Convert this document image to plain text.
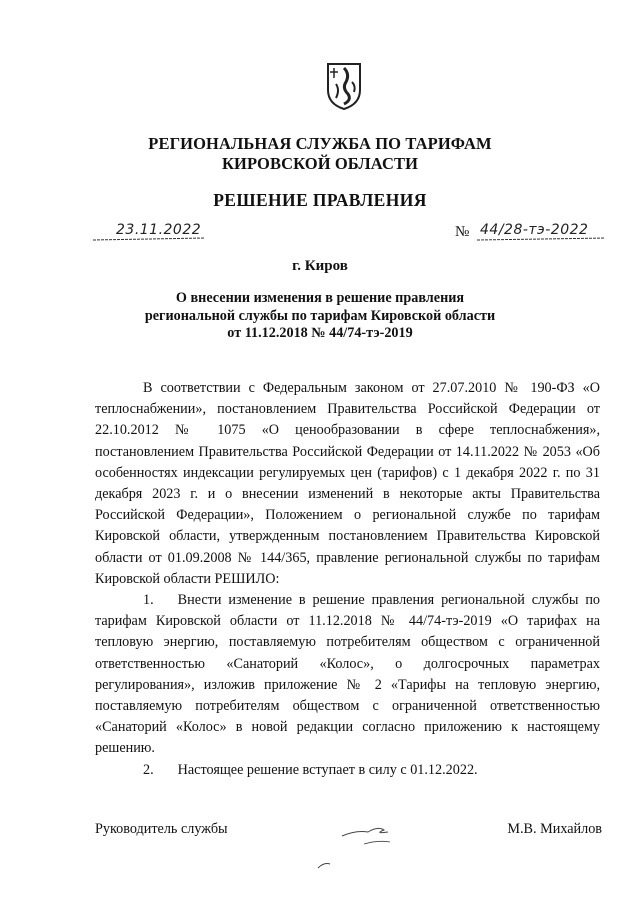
РЕГИОНАЛЬНАЯ СЛУЖБА ПО ТАРИФАМ
КИРОВСКОЙ ОБЛАСТИ
РЕШЕНИЕ ПРАВЛЕНИЯ
23.11.2022	№ 44/28-тэ-2022
г. Киров
О внесении изменения в решение правления
региональной службы по тарифам Кировской области
от 11.12.2018 № 44/74-тэ-2019

В соответствии с Федеральным законом от 27.07.2010 № 190-ФЗ «О теплоснабжении», постановлением Правительства Российской Федерации от 22.10.2012 № 1075 «О ценообразовании в сфере теплоснабжения», постановлением Правительства Российской Федерации от 14.11.2022 № 2053 «Об особенностях индексации регулируемых цен (тарифов) с 1 декабря 2022 г. по 31 декабря 2023 г. и о внесении изменений в некоторые акты Правительства Российской Федерации», Положением о региональной службе по тарифам Кировской области, утвержденным постановлением Правительства Кировской области от 01.09.2008 № 144/365, правление региональной службы по тарифам Кировской области РЕШИЛО:

1. Внести изменение в решение правления региональной службы по тарифам Кировской области от 11.12.2018 № 44/74-тэ-2019 «О тарифах на тепловую энергию, поставляемую потребителям обществом с ограниченной ответственностью «Санаторий «Колос», о долгосрочных параметрах регулирования», изложив приложение № 2 «Тарифы на тепловую энергию, поставляемую потребителям обществом с ограниченной ответственностью «Санаторий «Колос» в новой редакции согласно приложению к настоящему решению.

2. Настоящее решение вступает в силу с 01.12.2022.

Руководитель службы	М.В. Михайлов
